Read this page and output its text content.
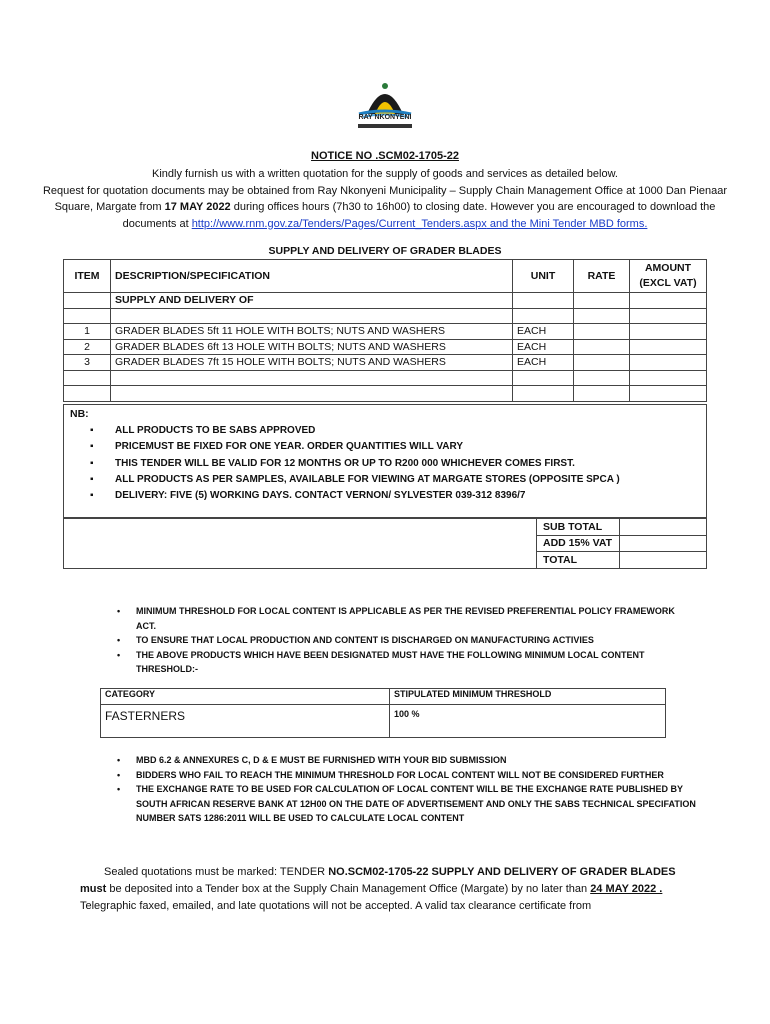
RAY NKONYENI
NOTICE NO .SCM02-1705-22
Kindly furnish us with a written quotation for the supply of goods and services as detailed below.
Request for quotation documents may be obtained from Ray Nkonyeni Municipality – Supply Chain Management Office at 1000 Dan Pienaar Square, Margate from 17 MAY 2022 during offices hours (7h30 to 16h00) to closing date. However you are encouraged to download the documents at http://www.rnm.gov.za/Tenders/Pages/Current_Tenders.aspx and the Mini Tender MBD forms.
SUPPLY AND DELIVERY OF GRADER BLADES
ITEM	DESCRIPTION/SPECIFICATION	UNIT	RATE	AMOUNT
(EXCL VAT)
	SUPPLY AND DELIVERY OF			

1	GRADER BLADES 5ft 11 HOLE WITH BOLTS; NUTS AND WASHERS	EACH		
2	GRADER BLADES 6ft 13 HOLE WITH BOLTS; NUTS AND WASHERS	EACH		
3	GRADER BLADES 7ft 15 HOLE WITH BOLTS; NUTS AND WASHERS	EACH		

NB:
▪ ALL PRODUCTS TO BE SABS APPROVED
▪ PRICEMUST BE FIXED FOR ONE YEAR. ORDER QUANTITIES WILL VARY
▪ THIS TENDER WILL BE VALID FOR 12 MONTHS OR UP TO R200 000 WHICHEVER COMES FIRST.
▪ ALL PRODUCTS AS PER SAMPLES, AVAILABLE FOR VIEWING AT MARGATE STORES (OPPOSITE SPCA )
▪ DELIVERY: FIVE (5) WORKING DAYS. CONTACT VERNON/ SYLVESTER 039-312 8396/7
	SUB TOTAL	
	ADD 15% VAT	
	TOTAL	
• MINIMUM THRESHOLD FOR LOCAL CONTENT IS APPLICABLE AS PER THE REVISED PREFERENTIAL POLICY FRAMEWORK ACT.
• TO ENSURE THAT LOCAL PRODUCTION AND CONTENT IS DISCHARGED ON MANUFACTURING ACTIVIES
• THE ABOVE PRODUCTS WHICH HAVE BEEN DESIGNATED MUST HAVE THE FOLLOWING MINIMUM LOCAL CONTENT THRESHOLD:-
CATEGORY	STIPULATED MINIMUM THRESHOLD
FASTERNERS	100 %
• MBD 6.2 & ANNEXURES C, D & E MUST BE FURNISHED WITH YOUR BID SUBMISSION
• BIDDERS WHO FAIL TO REACH THE MINIMUM THRESHOLD FOR LOCAL CONTENT WILL NOT BE CONSIDERED FURTHER
• THE EXCHANGE RATE TO BE USED FOR CALCULATION OF LOCAL CONTENT WILL BE THE EXCHANGE RATE PUBLISHED BY SOUTH AFRICAN RESERVE BANK AT 12H00 ON THE DATE OF ADVERTISEMENT AND ONLY THE SABS TECHNICAL SPECIFATION NUMBER SATS 1286:2011 WILL BE USED TO CALCULATE LOCAL CONTENT
Sealed quotations must be marked: TENDER NO.SCM02-1705-22 SUPPLY AND DELIVERY OF GRADER BLADES must be deposited into a Tender box at the Supply Chain Management Office (Margate) by no later than 24 MAY 2022 . Telegraphic faxed, emailed, and late quotations will not be accepted. A valid tax clearance certificate from
